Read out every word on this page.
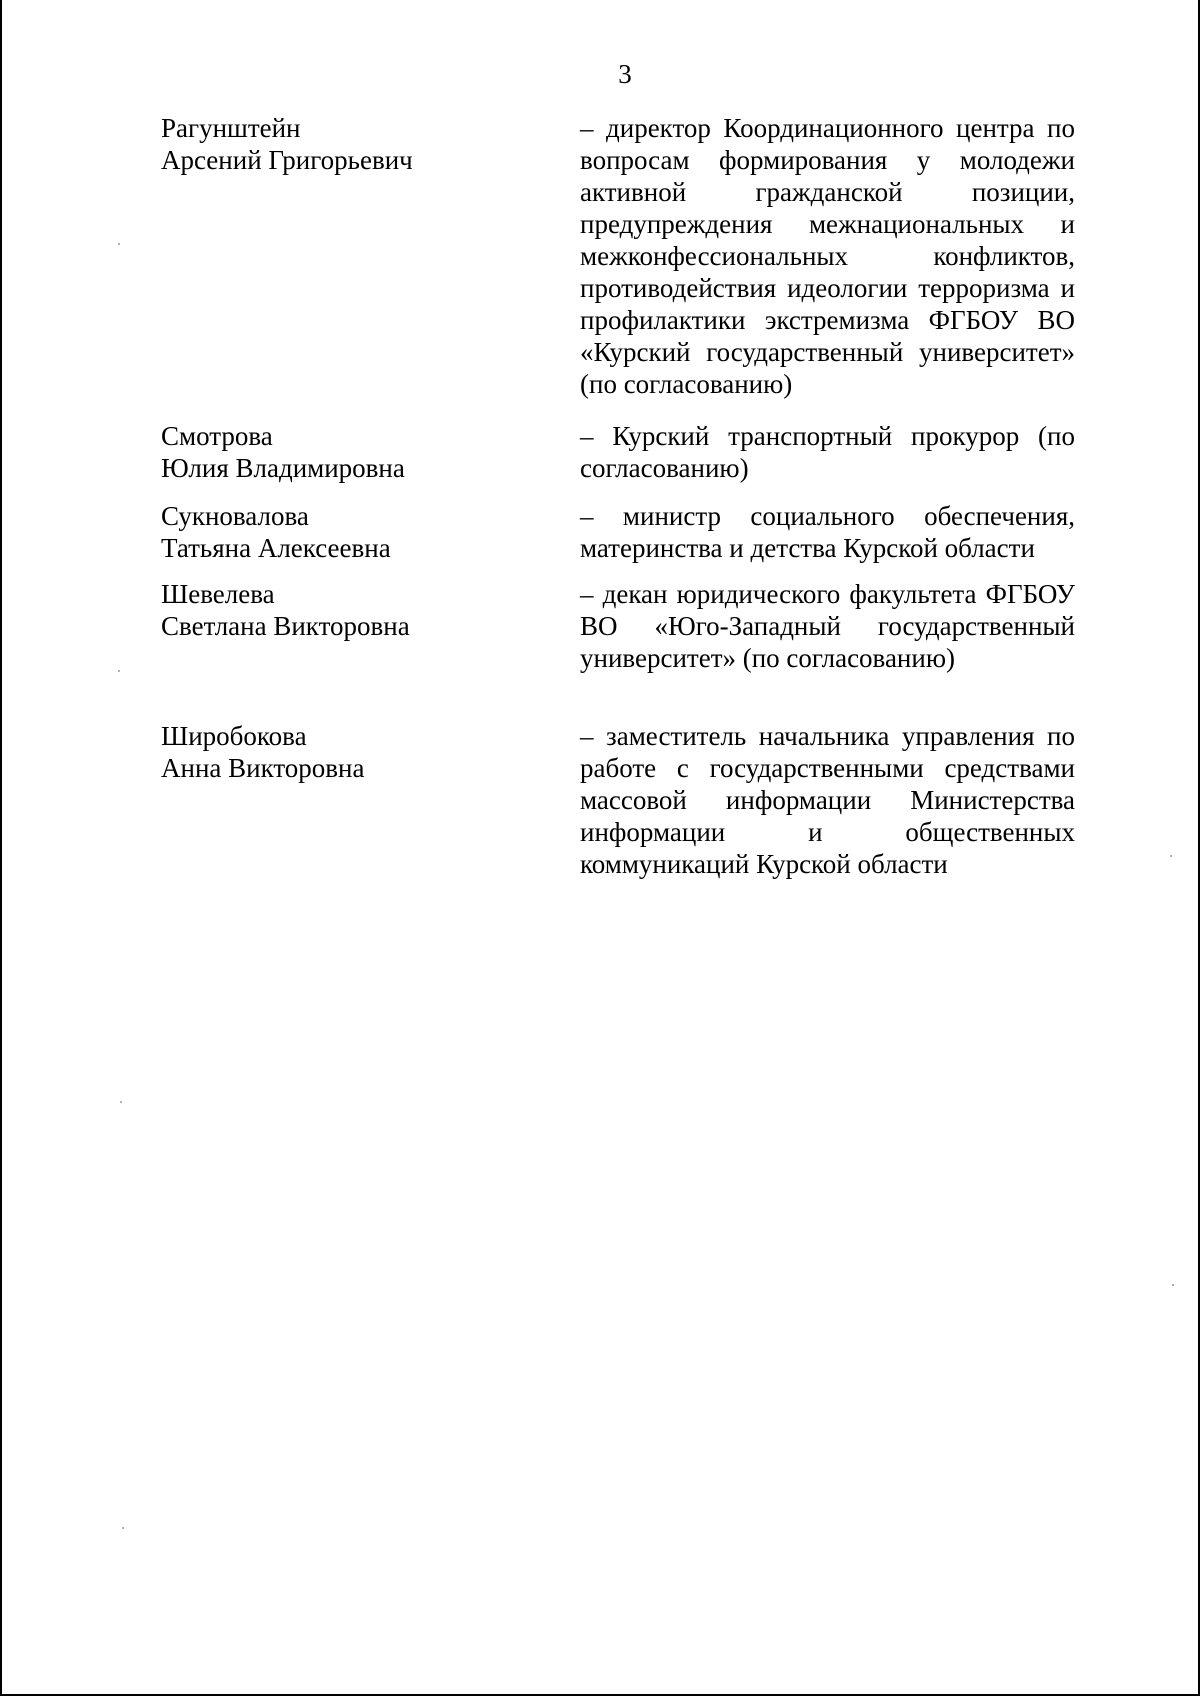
3
Рагунштейн
Арсений Григорьевич
– директор Координационного центра по вопросам формирования у молодежи активной гражданской позиции, предупреждения межнациональных и межконфессиональных конфликтов, противодействия идеологии терроризма и профилактики экстремизма ФГБОУ ВО «Курский государственный университет» (по согласованию)
Смотрова
Юлия Владимировна
– Курский транспортный прокурор (по согласованию)
Сукновалова
Татьяна Алексеевна
– министр социального обеспечения, материнства и детства Курской области
Шевелева
Светлана Викторовна
– декан юридического факультета ФГБОУ ВО «Юго-Западный государственный университет» (по согласованию)
Широбокова
Анна Викторовна
– заместитель начальника управления по работе с государственными средствами массовой информации Министерства информации и общественных коммуникаций Курской области
